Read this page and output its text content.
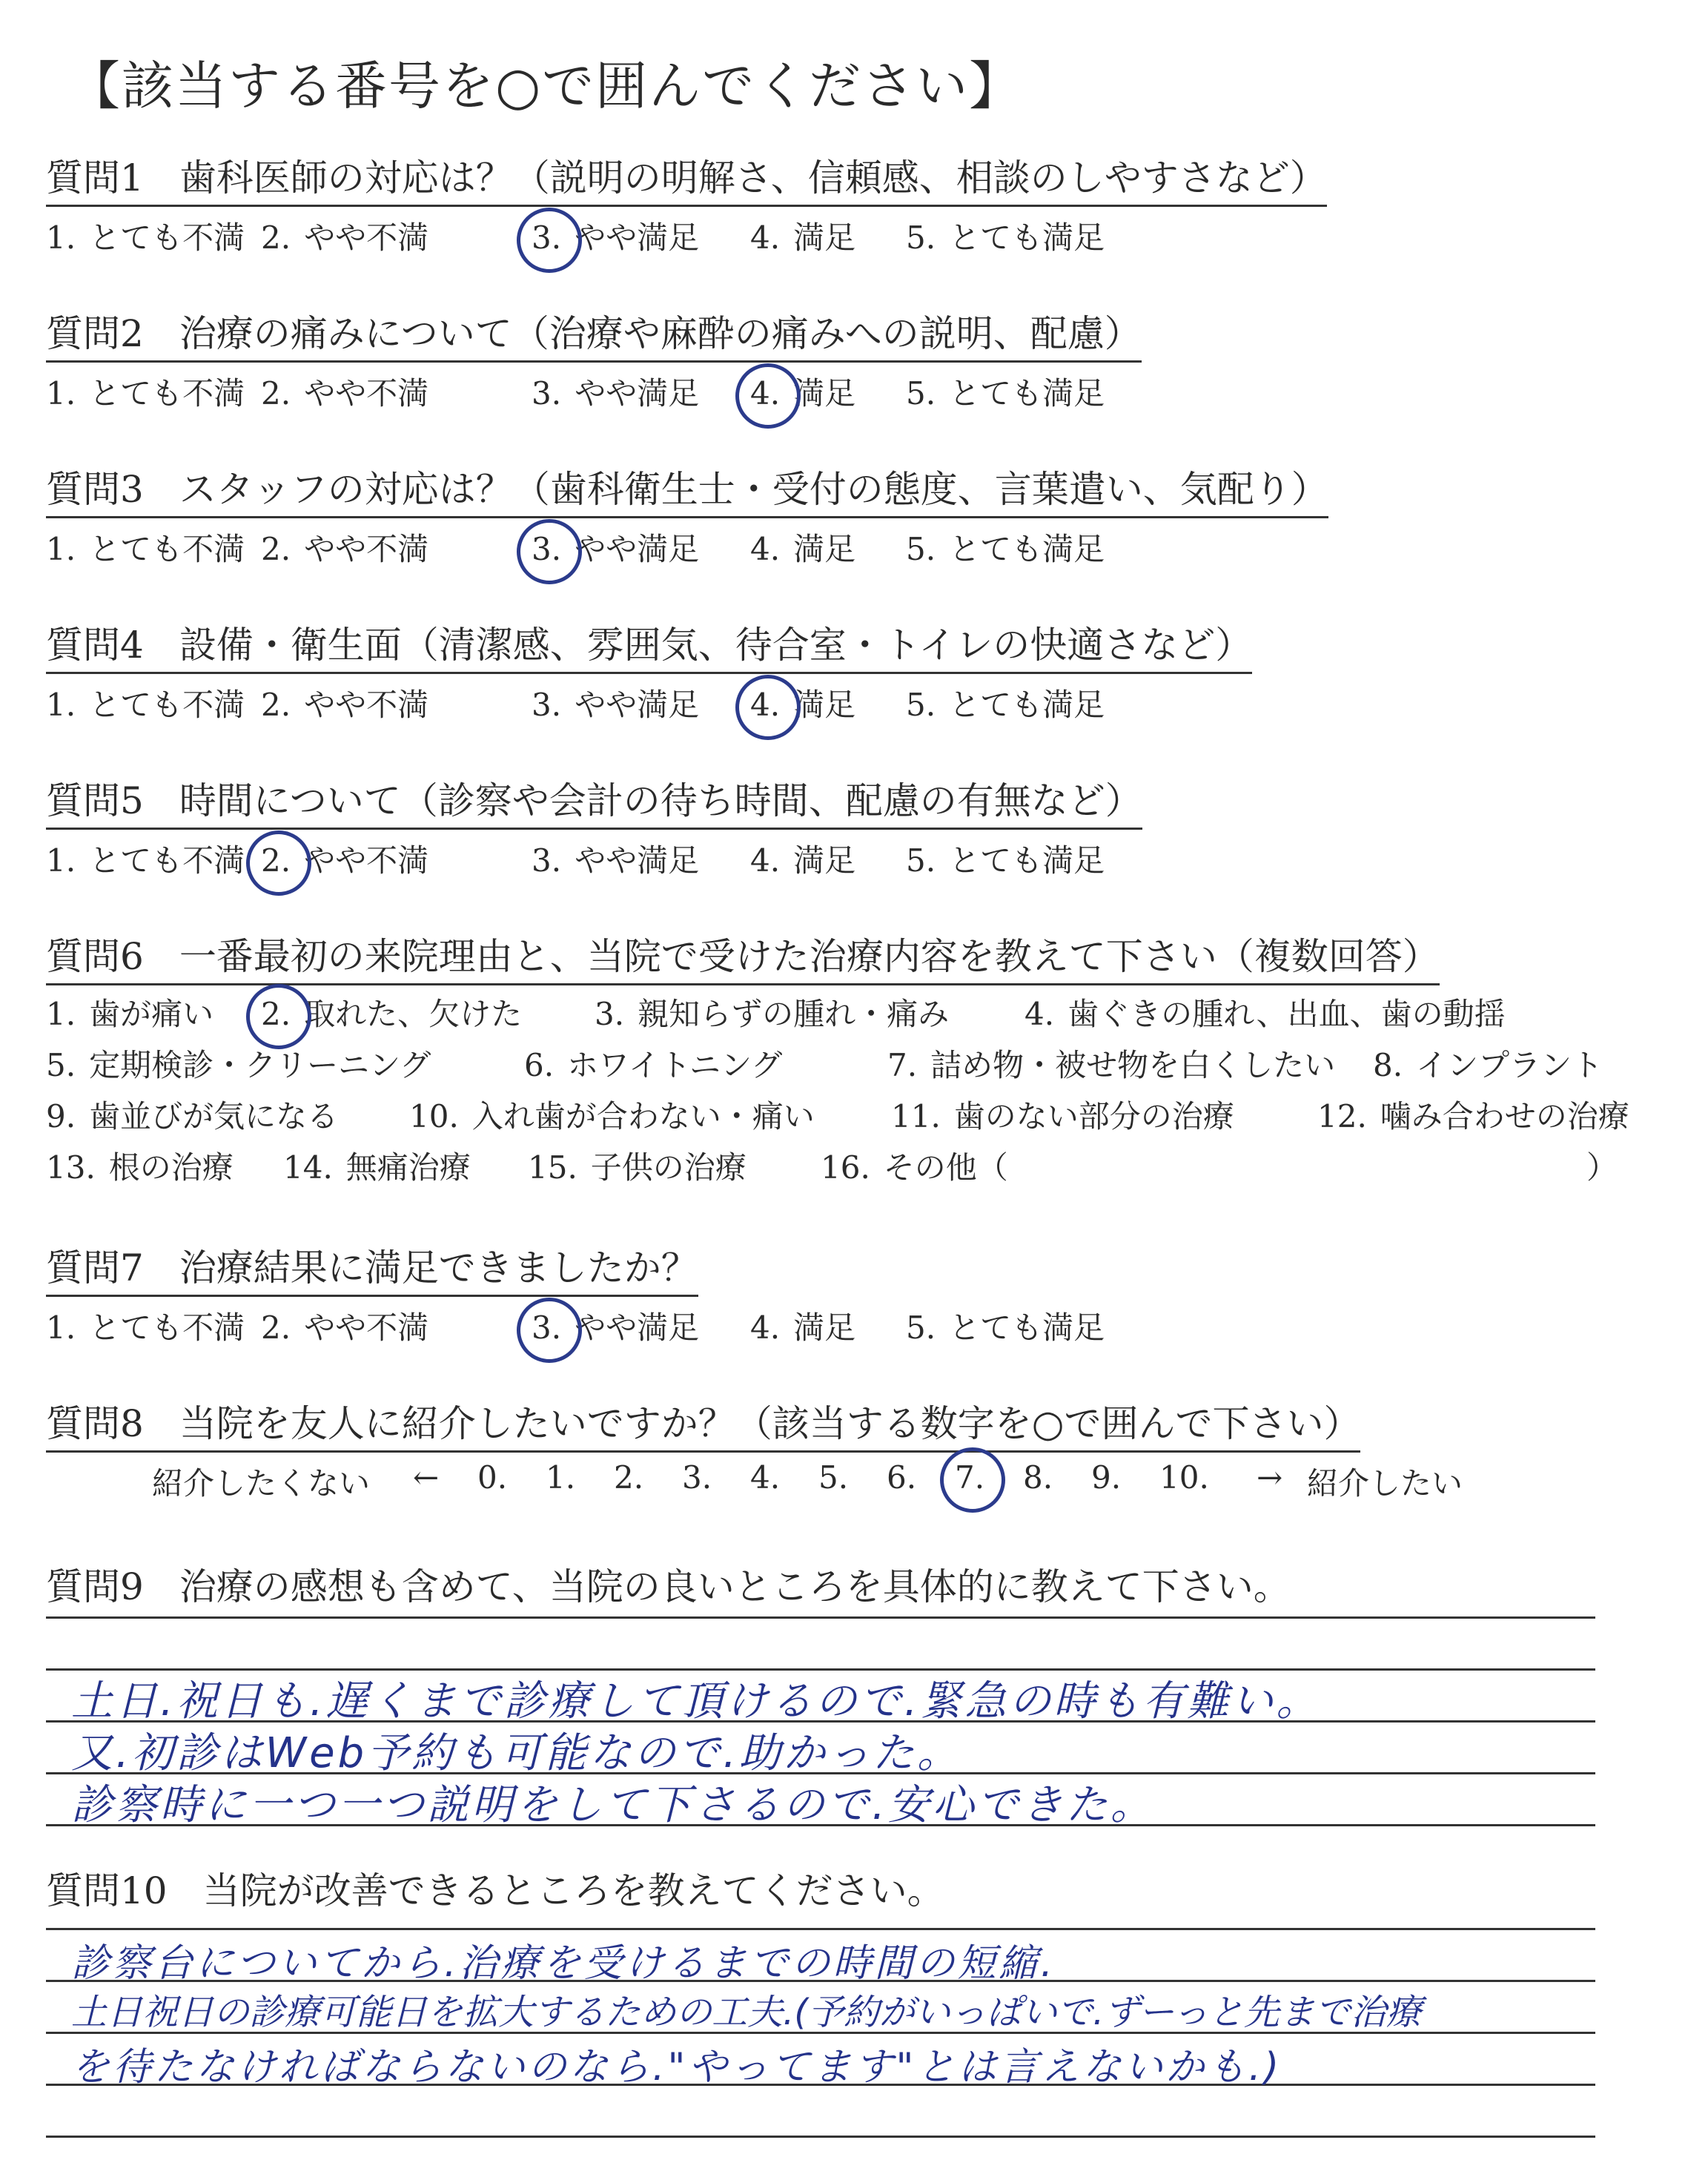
【該当する番号を○で囲んでください】
質問1 歯科医師の対応は？（説明の明解さ、信頼感、相談のしやすさなど）
1. とても不満 2. やや不満	3. やや満足 4. 満足 5. とても満足
質問2 治療の痛みについて（治療や麻酔の痛みへの説明、配慮）
1. とても不満 2. やや不満	3. やや満足 4. 満足 5. とても満足
質問3 スタッフの対応は？（歯科衛生士・受付の態度、言葉遣い、気配り）
1. とても不満 2. やや不満	3. やや満足 4. 満足 5. とても満足
質問4 設備・衛生面（清潔感、雰囲気、待合室・トイレの快適さなど）
1. とても不満 2. やや不満	3. やや満足 4. 満足 5. とても満足
質問5 時間について（診察や会計の待ち時間、配慮の有無など）
1. とても不満 2. やや不満	3. やや満足 4. 満足 5. とても満足
質問6 一番最初の来院理由と、当院で受けた治療内容を教えて下さい（複数回答）
1. 歯が痛い 2. 取れた、欠けた 3. 親知らずの腫れ・痛み 4. 歯ぐきの腫れ、出血、歯の動揺
5. 定期検診・クリーニング	6. ホワイトニング	7. 詰め物・被せ物を白くしたい 8. インプラント
9. 歯並びが気になる 10. 入れ歯が合わない・痛い 11. 歯のない部分の治療	12. 噛み合わせの治療
13. 根の治療 14. 無痛治療 15. 子供の治療 16. その他（	）
質問7 治療結果に満足できましたか？
1. とても不満 2. やや不満	3. やや満足 4. 満足 5. とても満足
質問8 当院を友人に紹介したいですか？（該当する数字を○で囲んで下さい）
紹介したくない ← 0. 1. 2. 3. 4. 5. 6. 7. 8. 9. 10. → 紹介したい
質問9 治療の感想も含めて、当院の良いところを具体的に教えて下さい。
土日.祝日も.遅くまで診療して頂けるので.緊急の時も有難い。
又.初診はWeb予約も可能なので.助かった。
診察時に一つ一つ説明をして下さるので.安心できた。
質問10 当院が改善できるところを教えてください。
診察台についてから.治療を受けるまでの時間の短縮.
土日祝日の診療可能日を拡大するための工夫.(予約がいっぱいで.ずーっと先まで治療
を待たなければならないのなら."やってます"とは言えないかも.)
